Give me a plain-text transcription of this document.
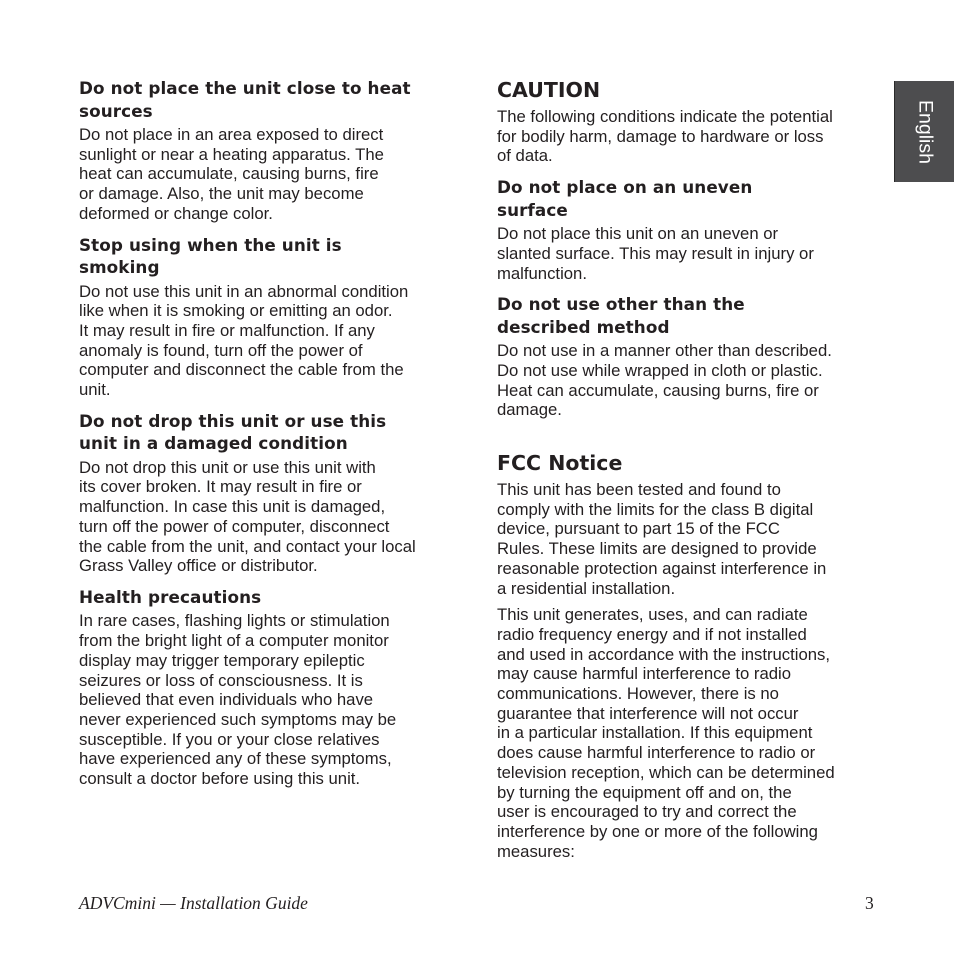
English

Do not place the unit close to heat
sources

Do not place in an area exposed to direct
sunlight or near a heating apparatus. The
heat can accumulate, causing burns, fire
or damage. Also, the unit may become
deformed or change color.

Stop using when the unit is
smoking

Do not use this unit in an abnormal condition
like when it is smoking or emitting an odor.
It may result in fire or malfunction. If any
anomaly is found, turn off the power of
computer and disconnect the cable from the
unit.

Do not drop this unit or use this
unit in a damaged condition

Do not drop this unit or use this unit with
its cover broken. It may result in fire or
malfunction. In case this unit is damaged,
turn off the power of computer, disconnect
the cable from the unit, and contact your local
Grass Valley office or distributor.

Health precautions

In rare cases, flashing lights or stimulation
from the bright light of a computer monitor
display may trigger temporary epileptic
seizures or loss of consciousness. It is
believed that even individuals who have
never experienced such symptoms may be
susceptible. If you or your close relatives
have experienced any of these symptoms,
consult a doctor before using this unit.

CAUTION

The following conditions indicate the potential
for bodily harm, damage to hardware or loss
of data.

Do not place on an uneven
surface

Do not place this unit on an uneven or
slanted surface. This may result in injury or
malfunction.

Do not use other than the
described method

Do not use in a manner other than described.
Do not use while wrapped in cloth or plastic.
Heat can accumulate, causing burns, fire or
damage.

FCC Notice

This unit has been tested and found to
comply with the limits for the class B digital
device, pursuant to part 15 of the FCC
Rules. These limits are designed to provide
reasonable protection against interference in
a residential installation.

This unit generates, uses, and can radiate
radio frequency energy and if not installed
and used in accordance with the instructions,
may cause harmful interference to radio
communications. However, there is no
guarantee that interference will not occur
in a particular installation. If this equipment
does cause harmful interference to radio or
television reception, which can be determined
by turning the equipment off and on, the
user is encouraged to try and correct the
interference by one or more of the following
measures:

ADVCmini — Installation Guide	3
